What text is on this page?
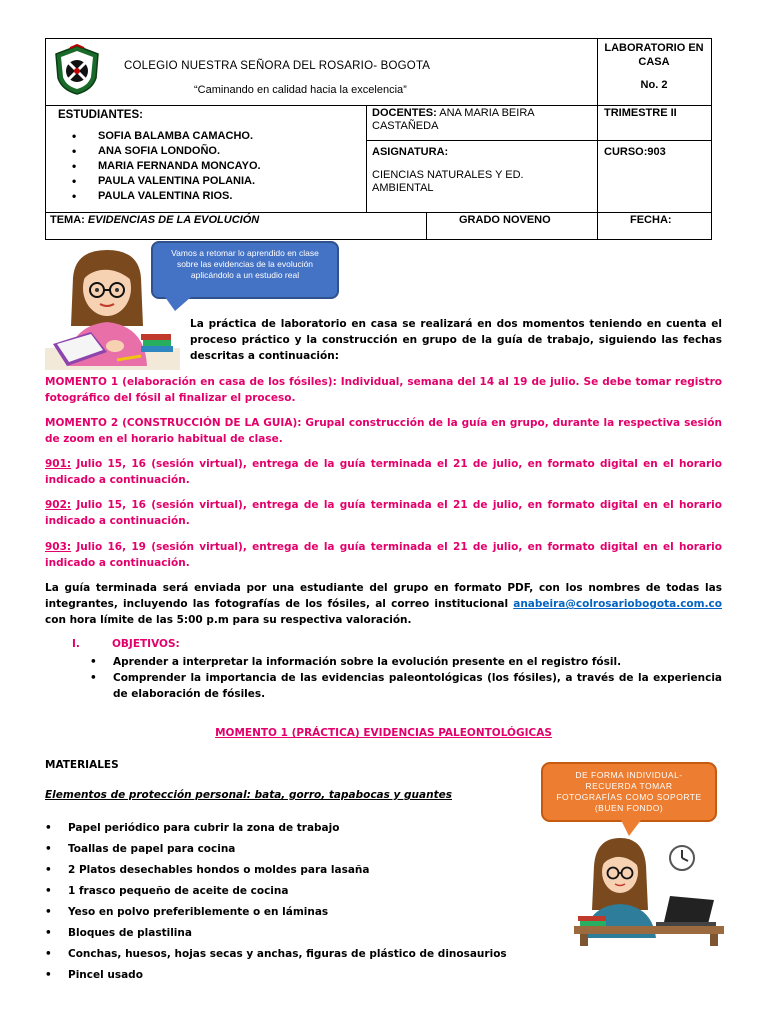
COLEGIO NUESTRA SEÑORA DEL ROSARIO- BOGOTA
“Caminando en calidad hacia la excelencia”
LABORATORIO EN CASA
No. 2
ESTUDIANTES:
• SOFIA BALAMBA CAMACHO.
• ANA SOFIA LONDOÑO.
• MARIA FERNANDA MONCAYO.
• PAULA VALENTINA POLANIA.
• PAULA VALENTINA RIOS.
DOCENTES: ANA MARIA BEIRA CASTAÑEDA
ASIGNATURA:
CIENCIAS NATURALES Y ED. AMBIENTAL
TRIMESTRE II
CURSO:903
TEMA: EVIDENCIAS DE LA EVOLUCIÓN	GRADO NOVENO	FECHA:
Vamos a retomar lo aprendido en clase sobre las evidencias de la evolución aplicándolo a un estudio real
La práctica de laboratorio en casa se realizará en dos momentos teniendo en cuenta el proceso práctico y la construcción en grupo de la guía de trabajo, siguiendo las fechas descritas a continuación:
MOMENTO 1 (elaboración en casa de los fósiles): Individual, semana del 14 al 19 de julio. Se debe tomar registro fotográfico del fósil al finalizar el proceso.
MOMENTO 2 (CONSTRUCCIÓN DE LA GUIA): Grupal construcción de la guía en grupo, durante la respectiva sesión de zoom en el horario habitual de clase.
901: Julio 15, 16 (sesión virtual), entrega de la guía terminada el 21 de julio, en formato digital en el horario indicado a continuación.
902: Julio 15, 16 (sesión virtual), entrega de la guía terminada el 21 de julio, en formato digital en el horario indicado a continuación.
903: Julio 16, 19 (sesión virtual), entrega de la guía terminada el 21 de julio, en formato digital en el horario indicado a continuación.
La guía terminada será enviada por una estudiante del grupo en formato PDF, con los nombres de todas las integrantes, incluyendo las fotografías de los fósiles, al correo institucional anabeira@colrosariobogota.com.co con hora límite de las 5:00 p.m para su respectiva valoración.
I.	OBJETIVOS:
• Aprender a interpretar la información sobre la evolución presente en el registro fósil.
• Comprender la importancia de las evidencias paleontológicas (los fósiles), a través de la experiencia de elaboración de fósiles.
MOMENTO 1 (PRÁCTICA) EVIDENCIAS PALEONTOLÓGICAS
MATERIALES
Elementos de protección personal: bata, gorro, tapabocas y guantes
• Papel periódico para cubrir la zona de trabajo
• Toallas de papel para cocina
• 2 Platos desechables hondos o moldes para lasaña
• 1 frasco pequeño de aceite de cocina
• Yeso en polvo preferiblemente o en láminas
• Bloques de plastilina
• Conchas, huesos, hojas secas y anchas, figuras de plástico de dinosaurios
• Pincel usado
DE FORMA INDIVIDUAL- RECUERDA TOMAR FOTOGRAFÍAS COMO SOPORTE (BUEN FONDO)
